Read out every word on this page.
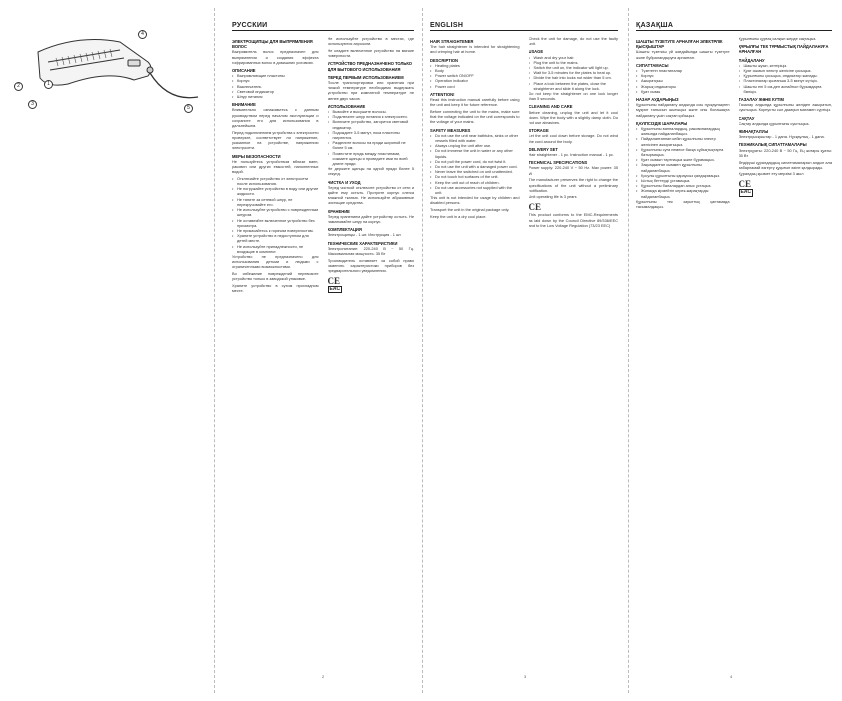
1
2
3
4
5
РУССКИЙ
ЭЛЕКТРОЩИПЦЫ ДЛЯ ВЫПРЯМЛЕНИЯ ВОЛОС

Выпрямитель волос предназначен для выпрямления и создания эффекта гофрированных волос в домашних условиях.

ОПИСАНИЕ
• Выпрямляющие пластины
• Корпус
• Выключатель
• Световой индикатор
• Шнур питания
ВНИМАНИЕ

Внимательно ознакомьтесь с данным руководством перед началом эксплуатации и сохраните его для использования в дальнейшем.

Перед подключением устройства к электросети проверьте, соответствует ли напряжение, указанное на устройстве, напряжению электросети.

МЕРЫ БЕЗОПАСНОСТИ

Не пользуйтесь устройством вблизи ванн, раковин или других емкостей, наполненных водой.

• Отключайте устройство от электросети после использования.
• Не погружайте устройство в воду или другие жидкости.
• Не тяните за сетевой шнур, не перекручивайте его.
• Не используйте устройство с поврежденным шнуром.
• Не оставляйте включенное устройство без присмотра.
• Не прикасайтесь к горячим поверхностям.
• Храните устройство в недоступном для детей месте.
• Не используйте принадлежности, не входящие в комплект.

Устройство не предназначено для использования детьми и людьми с ограниченными возможностями.

Во избежание повреждений перевозите устройство только в заводской упаковке.

Храните устройство в сухом прохладном месте.

Не используйте устройство в местах, где используются аэрозоли.

Не кладите включенное устройство на мягкие поверхности.

УСТРОЙСТВО ПРЕДНАЗНАЧЕНО ТОЛЬКО ДЛЯ БЫТОВОГО ИСПОЛЬЗОВАНИЯ
ПЕРЕД ПЕРВЫМ ИСПОЛЬЗОВАНИЕМ

После транспортировки или хранения при низкой температуре необходимо выдержать устройство при комнатной температуре не менее двух часов.

ИСПОЛЬЗОВАНИЕ
• Вымойте и высушите волосы.
• Подключите шнур питания к электросети.
• Включите устройство, загорится световой индикатор.
• Подождите 3-5 минут, пока пластины нагреются.
• Разделите волосы на пряди шириной не более 5 см.
• Поместите прядь между пластинами, сожмите щипцы и проведите ими по всей длине пряди.

Не держите щипцы на одной пряди более 5 секунд.

ЧИСТКА И УХОД

Перед чисткой отключите устройство от сети и дайте ему остыть. Протрите корпус слегка влажной тканью. Не используйте абразивные чистящие средства.

ХРАНЕНИЕ

Перед хранением дайте устройству остыть. Не наматывайте шнур на корпус.

КОМПЛЕКТАЦИЯ

Электрощипцы - 1 шт. Инструкция - 1 шт.

ТЕХНИЧЕСКИЕ ХАРАКТЕРИСТИКИ

Электропитание: 220-240 В ~ 50 Гц. Максимальная мощность: 35 Вт

Производитель оставляет за собой право изменять характеристики приборов без предварительного уведомления.

CE
EAC

ENGLISH
HAIR STRAIGHTENER

The hair straightener is intended for straightening and crimping hair at home.

DESCRIPTION
• Heating plates
• Body
• Power switch ON/OFF
• Operation indicator
• Power cord
ATTENTION!

Read this instruction manual carefully before using the unit and keep it for future reference.

Before connecting the unit to the mains, make sure that the voltage indicated on the unit corresponds to the voltage of your mains.

SAFETY MEASURES
• Do not use the unit near bathtubs, sinks or other vessels filled with water.
• Always unplug the unit after use.
• Do not immerse the unit in water or any other liquids.
• Do not pull the power cord, do not twist it.
• Do not use the unit with a damaged power cord.
• Never leave the switched on unit unattended.
• Do not touch hot surfaces of the unit.
• Keep the unit out of reach of children.
• Do not use accessories not supplied with the unit.

This unit is not intended for usage by children and disabled persons.

Transport the unit in the original package only.

Keep the unit in a dry cool place.

Check the unit for damage, do not use the faulty unit.

USAGE
• Wash and dry your hair.
• Plug the unit to the mains.
• Switch the unit on, the indicator will light up.
• Wait for 3-5 minutes for the plates to heat up.
• Divide the hair into locks not wider than 5 cm.
• Place a lock between the plates, close the straightener and slide it along the lock.

Do not keep the straightener on one lock longer than 5 seconds.

CLEANING AND CARE

Before cleaning, unplug the unit and let it cool down. Wipe the body with a slightly damp cloth. Do not use abrasives.

STORAGE

Let the unit cool down before storage. Do not wind the cord around the body.

DELIVERY SET

Hair straightener - 1 pc. Instruction manual - 1 pc.

TECHNICAL SPECIFICATIONS

Power supply: 220-240 V ~ 50 Hz. Max power: 35 W

The manufacturer preserves the right to change the specifications of the unit without a preliminary notification.

Unit operating life is 3 years

CE

This product conforms to the EMC-Requirements as laid down by the Council Directive 89/336/EEC and to the Low Voltage Regulation (73/23 EEC)

ҚАЗАҚША
ШАШТЫ ТҮЗЕТУГЕ АРНАЛҒАН ЭЛЕКТРЛІК ҚЫСҚЫШТАР

Шашты түзеткіш үй жағдайында шашты түзетуге және бұйраландыруға арналған.

СИПАТТАМАСЫ
• Түзететін пластиналар
• Корпус
• Ажыратқыш
• Жарық индикаторы
• Қуат сымы
НАЗАР АУДАРЫҢЫЗ

Құрылғыны пайдалану алдында осы нұсқаулықпен мұқият танысып шығыңыз және оны болашақта пайдалану үшін сақтап қойыңыз.

ҚАУІПСІЗДІК ШАРАЛАРЫ
• Құрылғыны ванналардың, раковиналардың жанында пайдаланбаңыз.
• Пайдаланғаннан кейін құрылғыны электр желісінен ажыратыңыз.
• Құрылғыны суға немесе басқа сұйықтықтарға батырмаңыз.
• Қуат сымын тартпаңыз және бұрамаңыз.
• Зақымдалған сыммен құрылғыны пайдаланбаңыз.
• Қосулы құрылғыны қараусыз қалдырмаңыз.
• Ыстық беттерді ұстамаңыз.
• Құрылғыны балалардан алыс ұстаңыз.
• Жинаққа кірмейтін керек-жарақтарды пайдаланбаңыз.

Құрылғыны тек зауыттық қаптамада тасымалдаңыз.

Құрылғыны құрғақ салқын жерде сақтаңыз.

ҚҰРЫЛҒЫ ТЕК ТҰРМЫСТЫҚ ПАЙДАЛАНУҒА АРНАЛҒАН
ПАЙДАЛАНУ
• Шашты жуып, кептіріңіз.
• Қуат сымын электр желісіне қосыңыз.
• Құрылғыны қосыңыз, индикатор жанады.
• Пластиналар қызғанша 3-5 минут күтіңіз.
• Шашты ені 5 см-ден аспайтын бұрымдарға бөліңіз.
ТАЗАЛАУ ЖӘНЕ КҮТІМ

Тазалау алдында құрылғыны желіден ажыратып, суытыңыз. Корпусты сәл дымқыл матамен сүртіңіз.

САҚТАУ

Сақтау алдында құрылғыны суытыңыз.

ЖИНАҚТАЛУЫ

Электрқысқыштар - 1 дана. Нұсқаулық - 1 дана.

ТЕХНИКАЛЫҚ СИПАТТАМАЛАРЫ

Электрқуаты: 220-240 В ~ 50 Гц. Ең жоғары қуаты: 35 Вт

Өндіруші құралдардың сипаттамаларын алдын ала хабарламай өзгерту құқығын өзіне қалдырады.

Құралдың қызмет ету мерзімі 3 жыл

CE
EAC

2	3	4
